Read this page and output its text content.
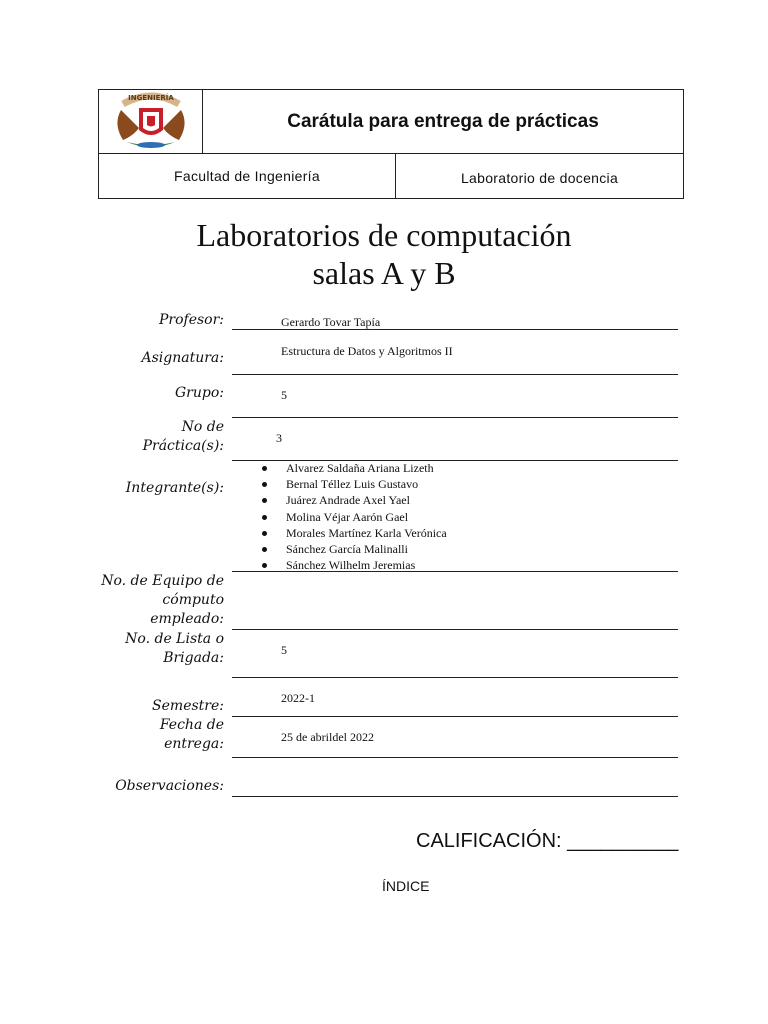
INGENIERÍA
Carátula para entrega de prácticas
Facultad de Ingeniería	Laboratorio de docencia
Laboratorios de computación
salas A y B
Profesor:	Gerardo Tovar Tapía
Asignatura:	Estructura de Datos y Algoritmos II
Grupo:	5
No de
Práctica(s):	3
Integrante(s):
Alvarez Saldaña Ariana Lizeth
Bernal Téllez Luis Gustavo
Juárez Andrade Axel Yael
Molina Véjar Aarón Gael
Morales Martínez Karla Verónica
Sánchez García Malinalli
Sánchez Wilhelm Jeremias
No. de Equipo de
cómputo
empleado:
No. de Lista o
Brigada:	5
Semestre:	2022-1
Fecha de
entrega:	25 de abrildel 2022
Observaciones:
CALIFICACIÓN: __________
ÍNDICE
